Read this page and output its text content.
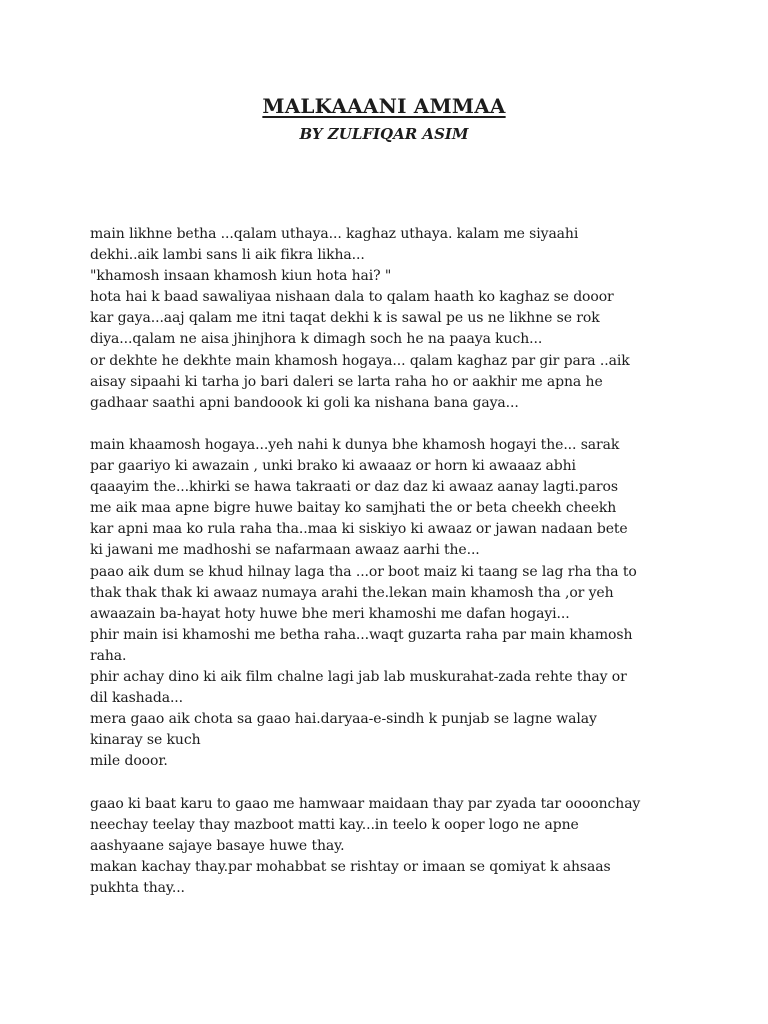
MALKAAANI AMMAA
BY ZULFIQAR ASIM
main likhne betha ...qalam uthaya... kaghaz uthaya. kalam me siyaahi
dekhi..aik lambi sans li aik fikra likha...
"khamosh insaan khamosh kiun hota hai? "
hota hai k baad sawaliyaa nishaan dala to qalam haath ko kaghaz se dooor
kar gaya...aaj qalam me itni taqat dekhi k is sawal pe us ne likhne se rok
diya...qalam ne aisa jhinjhora k dimagh soch he na paaya kuch...
or dekhte he dekhte main khamosh hogaya... qalam kaghaz par gir para ..aik
aisay sipaahi ki tarha jo bari daleri se larta raha ho or aakhir me apna he
gadhaar saathi apni bandoook ki goli ka nishana bana gaya...
main khaamosh hogaya...yeh nahi k dunya bhe khamosh hogayi the... sarak
par gaariyo ki awazain , unki brako ki awaaaz or horn ki awaaaz abhi
qaaayim the...khirki se hawa takraati or daz daz ki awaaz aanay lagti.paros
me aik maa apne bigre huwe baitay ko samjhati the or beta cheekh cheekh
kar apni maa ko rula raha tha..maa ki siskiyo ki awaaz or jawan nadaan bete
ki jawani me madhoshi se nafarmaan awaaz aarhi the...
paao aik dum se khud hilnay laga tha ...or boot maiz ki taang se lag rha tha to
thak thak thak ki awaaz numaya arahi the.lekan main khamosh tha ,or yeh
awaazain ba-hayat hoty huwe bhe meri khamoshi me dafan hogayi...
phir main isi khamoshi me betha raha...waqt guzarta raha par main khamosh
raha.
phir achay dino ki aik film chalne lagi jab lab muskurahat-zada rehte thay or
dil kashada...
mera gaao aik chota sa gaao hai.daryaa-e-sindh k punjab se lagne walay
kinaray se kuch
mile dooor.
gaao ki baat karu to gaao me hamwaar maidaan thay par zyada tar oooonchay
neechay teelay thay mazboot matti kay...in teelo k ooper logo ne apne
aashyaane sajaye basaye huwe thay.
makan kachay thay.par mohabbat se rishtay or imaan se qomiyat k ahsaas
pukhta thay...
